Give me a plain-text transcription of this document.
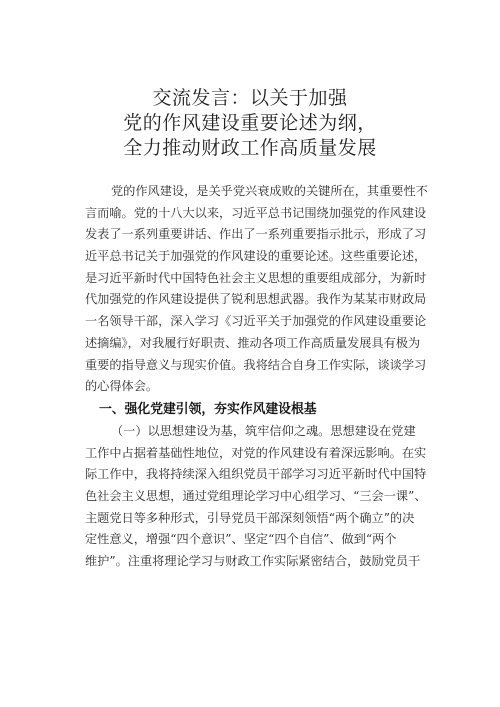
交流发言：以关于加强
党的作风建设重要论述为纲，
全力推动财政工作高质量发展
党的作风建设，是关乎党兴衰成败的关键所在，其重要性不
言而喻。党的十八大以来，习近平总书记围绕加强党的作风建设
发表了一系列重要讲话、作出了一系列重要指示批示，形成了习
近平总书记关于加强党的作风建设的重要论述。这些重要论述，
是习近平新时代中国特色社会主义思想的重要组成部分，为新时
代加强党的作风建设提供了锐利思想武器。我作为某某市财政局
一名领导干部，深入学习《习近平关于加强党的作风建设重要论
述摘编》，对我履行好职责、推动各项工作高质量发展具有极为
重要的指导意义与现实价值。我将结合自身工作实际，谈谈学习
的心得体会。
一、强化党建引领，夯实作风建设根基
（一）以思想建设为基，筑牢信仰之魂。思想建设在党建
工作中占据着基础性地位，对党的作风建设有着深远影响。在实
际工作中，我将持续深入组织党员干部学习习近平新时代中国特
色社会主义思想，通过党组理论学习中心组学习、“三会一课”、
主题党日等多种形式，引导党员干部深刻领悟“两个确立”的决
定性意义，增强“四个意识”、坚定“四个自信”、做到“两个
维护”。注重将理论学习与财政工作实际紧密结合，鼓励党员干
